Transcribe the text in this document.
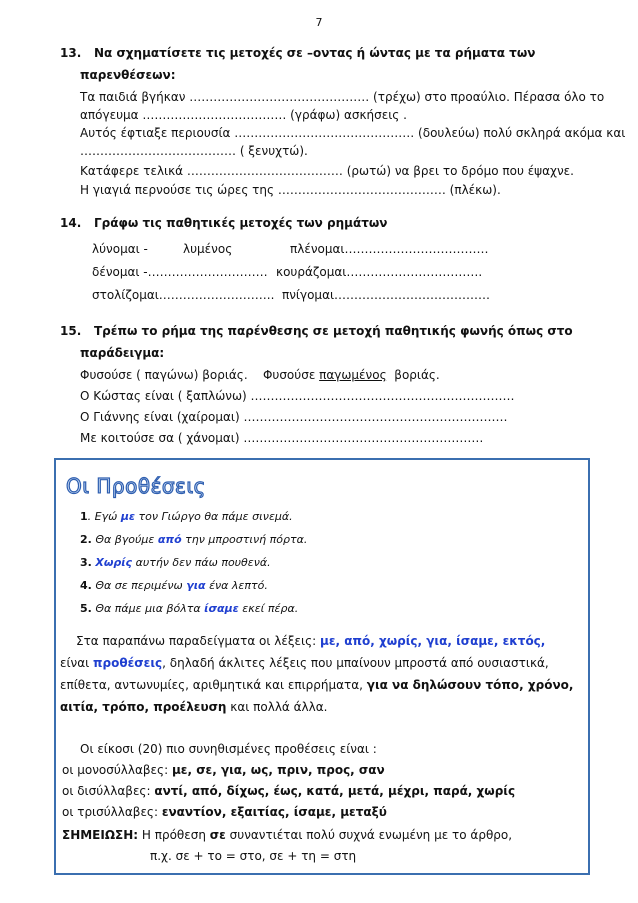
7
13. Να σχηματίσετε τις μετοχές σε –οντας ή ώντας με τα ρήματα των
παρενθέσεων:
Τα παιδιά βγήκαν ……………………………………… (τρέχω) στο προαύλιο. Πέρασα όλο το
απόγευμα ……………………………… (γράφω) ασκήσεις .
Αυτός έφτιαξε περιουσία ……………………………………… (δουλεύω) πολύ σκληρά ακόμα και
………………………………… ( ξενυχτώ).
Κατάφερε τελικά ………………………………… (ρωτώ) να βρει το δρόμο που έψαχνε.
Η γιαγιά περνούσε τις ώρες της …………………………………… (πλέκω).
14. Γράφω τις παθητικές μετοχές των ρημάτων
λύνομαι -	λυμένος	πλένομαι………………………………
δένομαι -………………………… κουράζομαι…………………………….
στολίζομαι……………………….. πνίγομαι…………………………………
15. Τρέπω το ρήμα της παρένθεσης σε μετοχή παθητικής φωνής όπως στο
παράδειγμα:
Φυσούσε ( παγώνω) βοριάς. Φυσούσε παγωμένος βοριάς.
Ο Κώστας είναι ( ξαπλώνω) …………………………………………………………
Ο Γιάννης είναι (χαίρομαι) …………………………………………………………
Με κοιτούσε σα ( χάνομαι) ……………………………………………………
Οι Προθέσεις
1. Εγώ με τον Γιώργο θα πάμε σινεμά.
2. Θα βγούμε από την μπροστινή πόρτα.
3. Χωρίς αυτήν δεν πάω πουθενά.
4. Θα σε περιμένω για ένα λεπτό.
5. Θα πάμε μια βόλτα ίσαμε εκεί πέρα.
Στα παραπάνω παραδείγματα οι λέξεις: με, από, χωρίς, για, ίσαμε, εκτός,
είναι προθέσεις, δηλαδή άκλιτες λέξεις που μπαίνουν μπροστά από ουσιαστικά,
επίθετα, αντωνυμίες, αριθμητικά και επιρρήματα, για να δηλώσουν τόπο, χρόνο,
αιτία, τρόπο, προέλευση και πολλά άλλα.
Οι είκοσι (20) πιο συνηθισμένες προθέσεις είναι :
οι μονοσύλλαβες: με, σε, για, ως, πριν, προς, σαν
οι δισύλλαβες: αντί, από, δίχως, έως, κατά, μετά, μέχρι, παρά, χωρίς
οι τρισύλλαβες: εναντίον, εξαιτίας, ίσαμε, μεταξύ
ΣΗΜΕΙΩΣΗ: Η πρόθεση σε συναντιέται πολύ συχνά ενωμένη με το άρθρο,
π.χ. σε + το = στο, σε + τη = στη
